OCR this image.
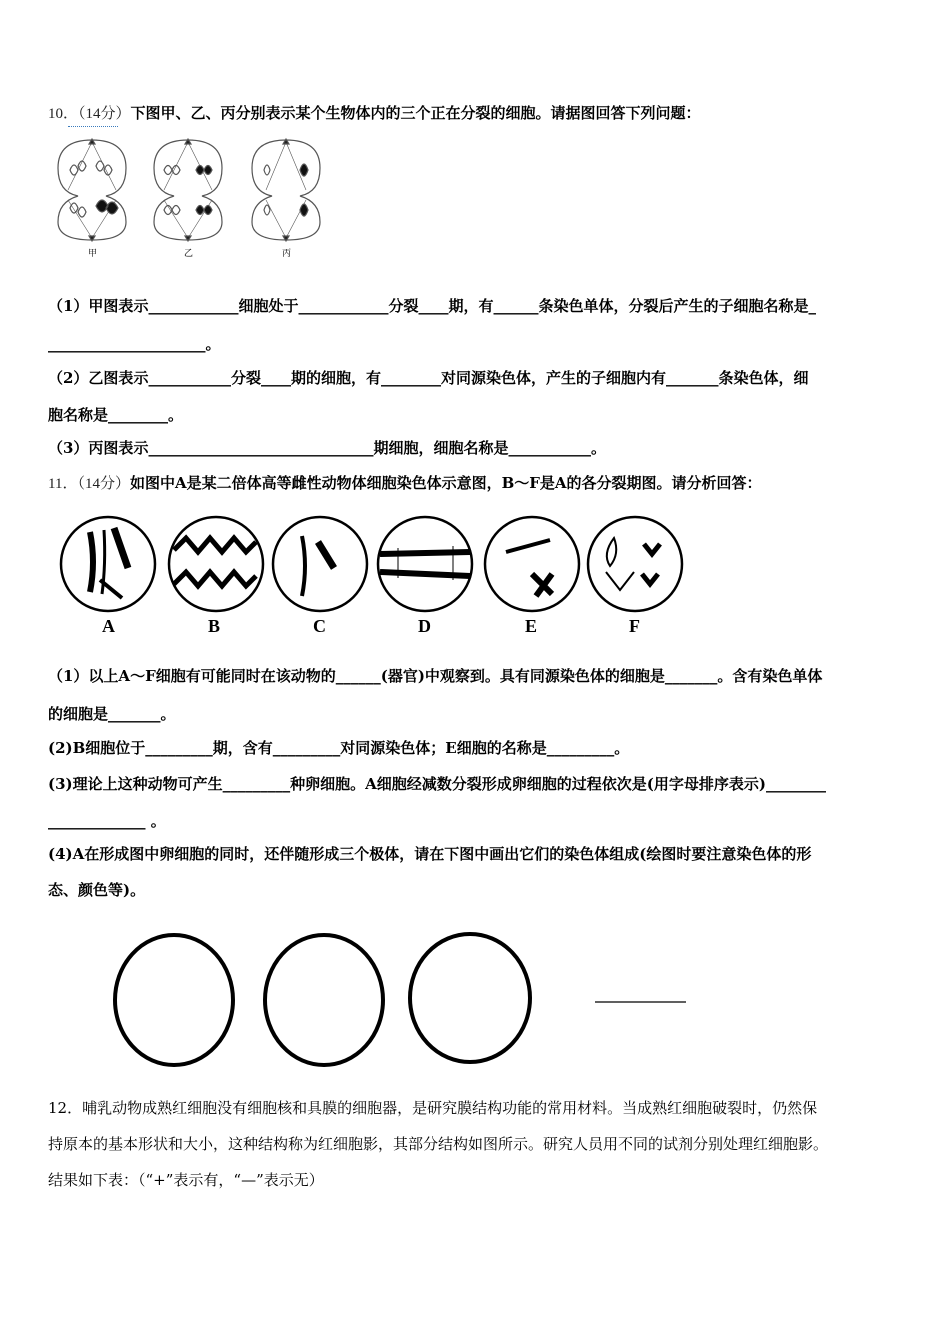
10．（14分）下图甲、乙、丙分别表示某个生物体内的三个正在分裂的细胞。请据图回答下列问题：
甲	乙	丙
（1）甲图表示____________细胞处于____________分裂____期，有______条染色单体，分裂后产生的子细胞名称是_
_____________________。
（2）乙图表示___________分裂____期的细胞，有________对同源染色体，产生的子细胞内有_______条染色体，细
胞名称是________。
（3）丙图表示______________________________期细胞，细胞名称是___________。
11．（14分）如图中A是某二倍体高等雌性动物体细胞染色体示意图，B～F是A的各分裂期图。请分析回答：
A	B	C	D	E	F
（1）以上A～F细胞有可能同时在该动物的______(器官)中观察到。具有同源染色体的细胞是_______。含有染色单体
的细胞是_______。
(2)B细胞位于_________期，含有_________对同源染色体；E细胞的名称是_________。
(3)理论上这种动物可产生_________种卵细胞。A细胞经减数分裂形成卵细胞的过程依次是(用字母排序表示)________
_____________ 。
(4)A在形成图中卵细胞的同时，还伴随形成三个极体，请在下图中画出它们的染色体组成(绘图时要注意染色体的形
态、颜色等)。
12．哺乳动物成熟红细胞没有细胞核和具膜的细胞器，是研究膜结构功能的常用材料。当成熟红细胞破裂时，仍然保
持原本的基本形状和大小，这种结构称为红细胞影，其部分结构如图所示。研究人员用不同的试剂分别处理红细胞影。
结果如下表：（“+”表示有，“—”表示无）
